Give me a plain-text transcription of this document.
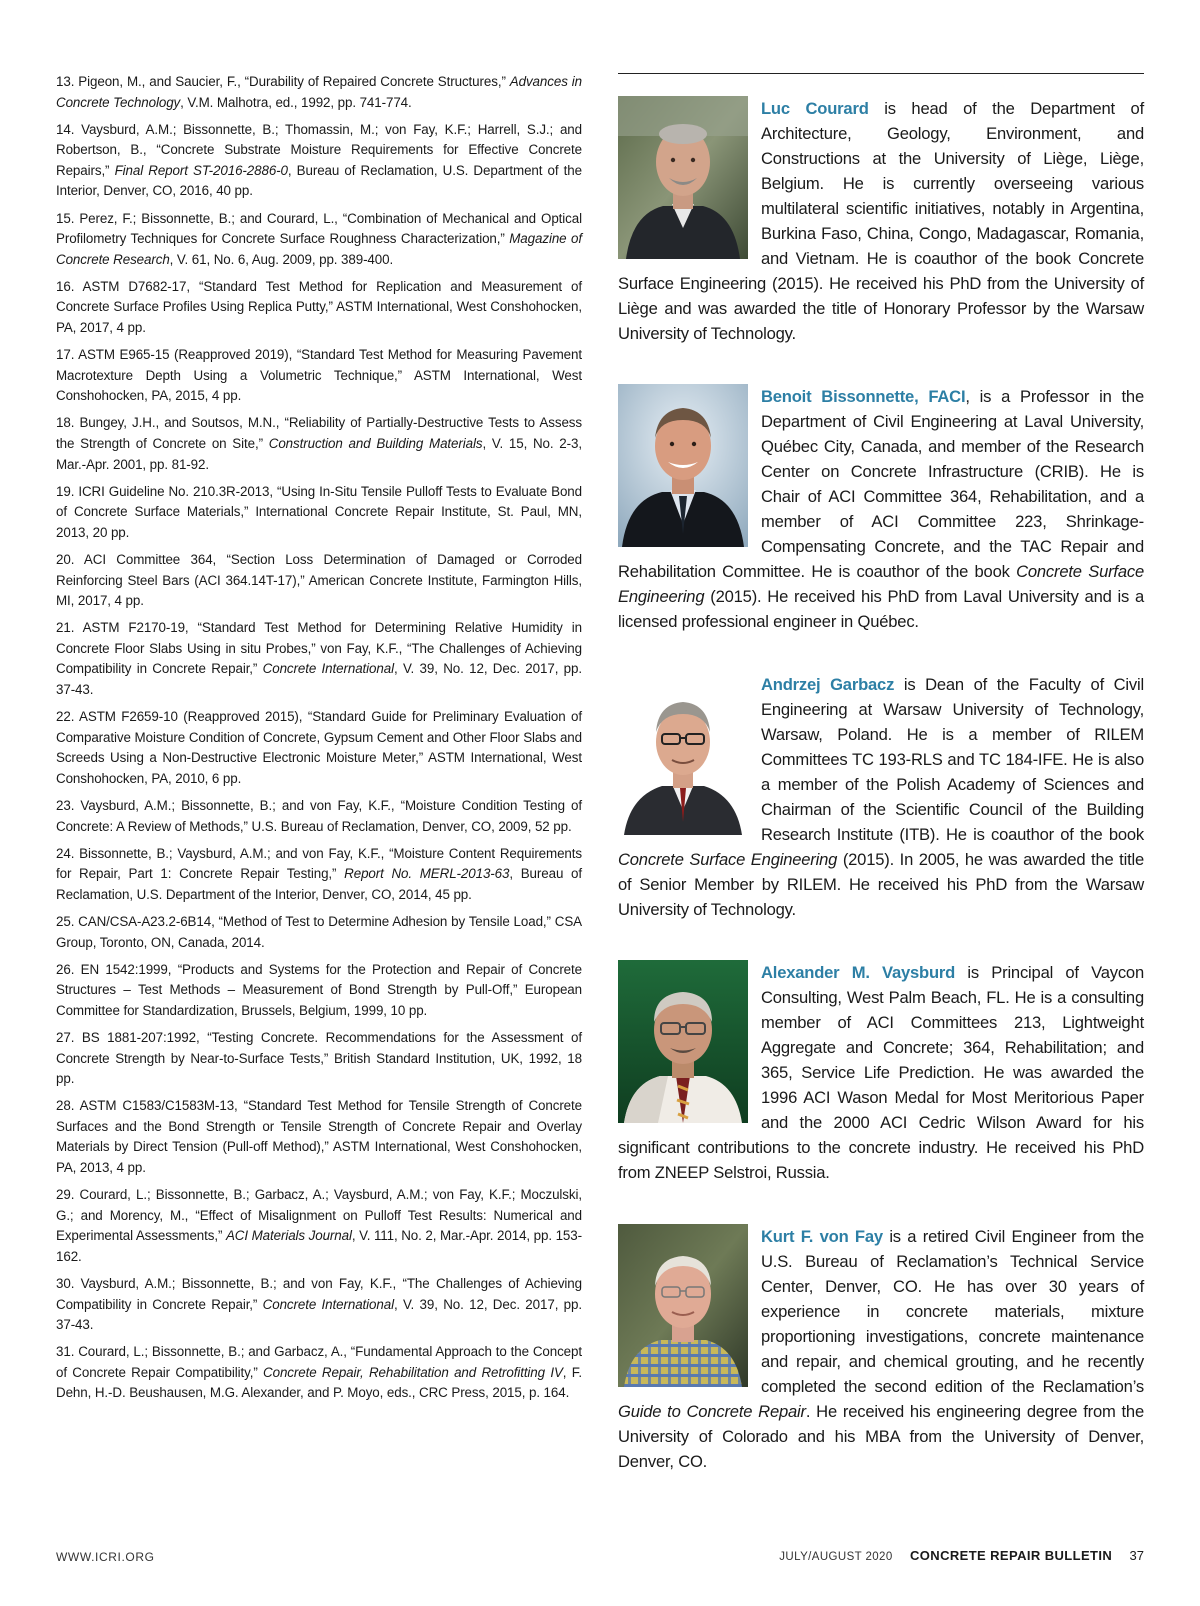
13. Pigeon, M., and Saucier, F., “Durability of Repaired Concrete Structures,” Advances in Concrete Technology, V.M. Malhotra, ed., 1992, pp. 741-774.

14. Vaysburd, A.M.; Bissonnette, B.; Thomassin, M.; von Fay, K.F.; Harrell, S.J.; and Robertson, B., “Concrete Substrate Moisture Requirements for Effective Concrete Repairs,” Final Report ST-2016-2886-0, Bureau of Reclamation, U.S. Department of the Interior, Denver, CO, 2016, 40 pp.

15. Perez, F.; Bissonnette, B.; and Courard, L., “Combination of Mechanical and Optical Profilometry Techniques for Concrete Surface Roughness Characterization,” Magazine of Concrete Research, V. 61, No. 6, Aug. 2009, pp. 389-400.

16. ASTM D7682-17, “Standard Test Method for Replication and Measurement of Concrete Surface Profiles Using Replica Putty,” ASTM International, West Conshohocken, PA, 2017, 4 pp.

17. ASTM E965-15 (Reapproved 2019), “Standard Test Method for Measuring Pavement Macrotexture Depth Using a Volumetric Technique,” ASTM International, West Conshohocken, PA, 2015, 4 pp.

18. Bungey, J.H., and Soutsos, M.N., “Reliability of Partially-Destructive Tests to Assess the Strength of Concrete on Site,” Construction and Building Materials, V. 15, No. 2-3, Mar.-Apr. 2001, pp. 81-92.

19. ICRI Guideline No. 210.3R-2013, “Using In-Situ Tensile Pulloff Tests to Evaluate Bond of Concrete Surface Materials,” International Concrete Repair Institute, St. Paul, MN, 2013, 20 pp.

20. ACI Committee 364, “Section Loss Determination of Damaged or Corroded Reinforcing Steel Bars (ACI 364.14T-17),” American Concrete Institute, Farmington Hills, MI, 2017, 4 pp.

21. ASTM F2170-19, “Standard Test Method for Determining Relative Humidity in Concrete Floor Slabs Using in situ Probes,” von Fay, K.F., “The Challenges of Achieving Compatibility in Concrete Repair,” Concrete International, V. 39, No. 12, Dec. 2017, pp. 37-43.

22. ASTM F2659-10 (Reapproved 2015), “Standard Guide for Preliminary Evaluation of Comparative Moisture Condition of Concrete, Gypsum Cement and Other Floor Slabs and Screeds Using a Non-Destructive Electronic Moisture Meter,” ASTM International, West Conshohocken, PA, 2010, 6 pp.

23. Vaysburd, A.M.; Bissonnette, B.; and von Fay, K.F., “Moisture Condition Testing of Concrete: A Review of Methods,” U.S. Bureau of Reclamation, Denver, CO, 2009, 52 pp.

24. Bissonnette, B.; Vaysburd, A.M.; and von Fay, K.F., “Moisture Content Requirements for Repair, Part 1: Concrete Repair Testing,” Report No. MERL-2013-63, Bureau of Reclamation, U.S. Department of the Interior, Denver, CO, 2014, 45 pp.

25. CAN/CSA-A23.2-6B14, “Method of Test to Determine Adhesion by Tensile Load,” CSA Group, Toronto, ON, Canada, 2014.

26. EN 1542:1999, “Products and Systems for the Protection and Repair of Concrete Structures – Test Methods – Measurement of Bond Strength by Pull-Off,” European Committee for Standardization, Brussels, Belgium, 1999, 10 pp.

27. BS 1881-207:1992, “Testing Concrete. Recommendations for the Assessment of Concrete Strength by Near-to-Surface Tests,” British Standard Institution, UK, 1992, 18 pp.

28. ASTM C1583/C1583M-13, “Standard Test Method for Tensile Strength of Concrete Surfaces and the Bond Strength or Tensile Strength of Concrete Repair and Overlay Materials by Direct Tension (Pull-off Method),” ASTM International, West Conshohocken, PA, 2013, 4 pp.

29. Courard, L.; Bissonnette, B.; Garbacz, A.; Vaysburd, A.M.; von Fay, K.F.; Moczulski, G.; and Morency, M., “Effect of Misalignment on Pulloff Test Results: Numerical and Experimental Assessments,” ACI Materials Journal, V. 111, No. 2, Mar.-Apr. 2014, pp. 153-162.

30. Vaysburd, A.M.; Bissonnette, B.; and von Fay, K.F., “The Challenges of Achieving Compatibility in Concrete Repair,” Concrete International, V. 39, No. 12, Dec. 2017, pp. 37-43.

31. Courard, L.; Bissonnette, B.; and Garbacz, A., “Fundamental Approach to the Concept of Concrete Repair Compatibility,” Concrete Repair, Rehabilitation and Retrofitting IV, F. Dehn, H.-D. Beushausen, M.G. Alexander, and P. Moyo, eds., CRC Press, 2015, p. 164.

Luc Courard is head of the Department of Architecture, Geology, Environment, and Constructions at the University of Liège, Liège, Belgium. He is currently overseeing various multilateral scientific initiatives, notably in Argentina, Burkina Faso, China, Congo, Madagascar, Romania, and Vietnam. He is coauthor of the book Concrete Surface Engineering (2015). He received his PhD from the University of Liège and was awarded the title of Honorary Professor by the Warsaw University of Technology.

Benoit Bissonnette, FACI, is a Professor in the Department of Civil Engineering at Laval University, Québec City, Canada, and member of the Research Center on Concrete Infrastructure (CRIB). He is Chair of ACI Committee 364, Rehabilitation, and a member of ACI Committee 223, Shrinkage-Compensating Concrete, and the TAC Repair and Rehabilitation Committee. He is coauthor of the book Concrete Surface Engineering (2015). He received his PhD from Laval University and is a licensed professional engineer in Québec.

Andrzej Garbacz is Dean of the Faculty of Civil Engineering at Warsaw University of Technology, Warsaw, Poland. He is a member of RILEM Committees TC 193-RLS and TC 184-IFE. He is also a member of the Polish Academy of Sciences and Chairman of the Scientific Council of the Building Research Institute (ITB). He is coauthor of the book Concrete Surface Engineering (2015). In 2005, he was awarded the title of Senior Member by RILEM. He received his PhD from the Warsaw University of Technology.

Alexander M. Vaysburd is Principal of Vaycon Consulting, West Palm Beach, FL. He is a consulting member of ACI Committees 213, Lightweight Aggregate and Concrete; 364, Rehabilitation; and 365, Service Life Prediction. He was awarded the 1996 ACI Wason Medal for Most Meritorious Paper and the 2000 ACI Cedric Wilson Award for his significant contributions to the concrete industry. He received his PhD from ZNEEP Selstroi, Russia.

Kurt F. von Fay is a retired Civil Engineer from the U.S. Bureau of Reclamation’s Technical Service Center, Denver, CO. He has over 30 years of experience in concrete materials, mixture proportioning investigations, concrete maintenance and repair, and chemical grouting, and he recently completed the second edition of the Reclamation’s Guide to Concrete Repair. He received his engineering degree from the University of Colorado and his MBA from the University of Denver, Denver, CO.

WWW.ICRI.ORG	JULY/AUGUST 2020 CONCRETE REPAIR BULLETIN 37
